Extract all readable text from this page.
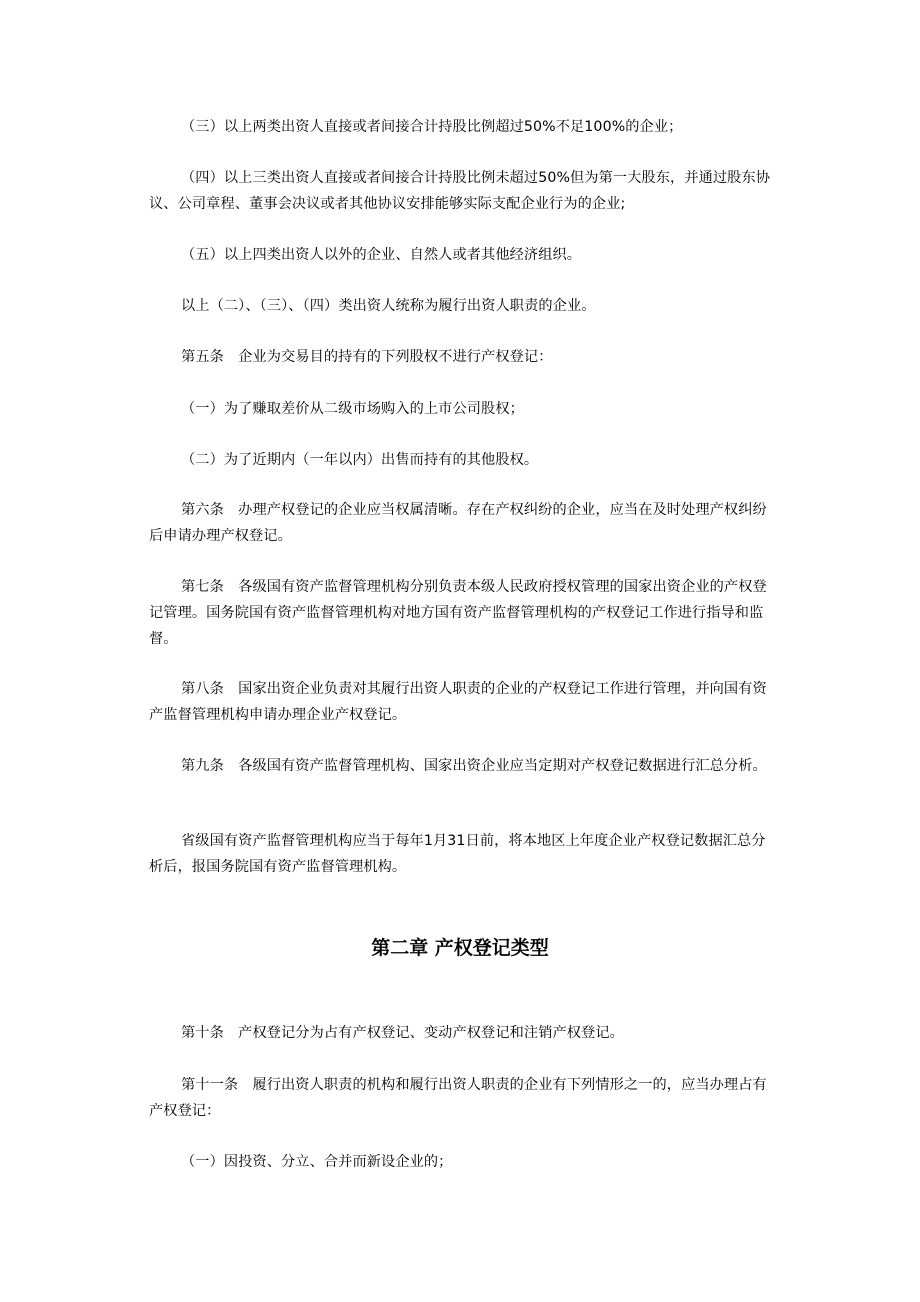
（三）以上两类出资人直接或者间接合计持股比例超过50%不足100%的企业；

（四）以上三类出资人直接或者间接合计持股比例未超过50%但为第一大股东，并通过股东协议、公司章程、董事会决议或者其他协议安排能够实际支配企业行为的企业;

（五）以上四类出资人以外的企业、自然人或者其他经济组织。

以上（二）、（三）、（四）类出资人统称为履行出资人职责的企业。

第五条　企业为交易目的持有的下列股权不进行产权登记：

（一）为了赚取差价从二级市场购入的上市公司股权；

（二）为了近期内（一年以内）出售而持有的其他股权。

第六条　办理产权登记的企业应当权属清晰。存在产权纠纷的企业，应当在及时处理产权纠纷后申请办理产权登记。

第七条　各级国有资产监督管理机构分别负责本级人民政府授权管理的国家出资企业的产权登记管理。国务院国有资产监督管理机构对地方国有资产监督管理机构的产权登记工作进行指导和监督。

第八条　国家出资企业负责对其履行出资人职责的企业的产权登记工作进行管理，并向国有资产监督管理机构申请办理企业产权登记。

第九条　各级国有资产监督管理机构、国家出资企业应当定期对产权登记数据进行汇总分析。

省级国有资产监督管理机构应当于每年1月31日前，将本地区上年度企业产权登记数据汇总分析后，报国务院国有资产监督管理机构。

第二章 产权登记类型

第十条　产权登记分为占有产权登记、变动产权登记和注销产权登记。

第十一条　履行出资人职责的机构和履行出资人职责的企业有下列情形之一的，应当办理占有产权登记：

（一）因投资、分立、合并而新设企业的；
